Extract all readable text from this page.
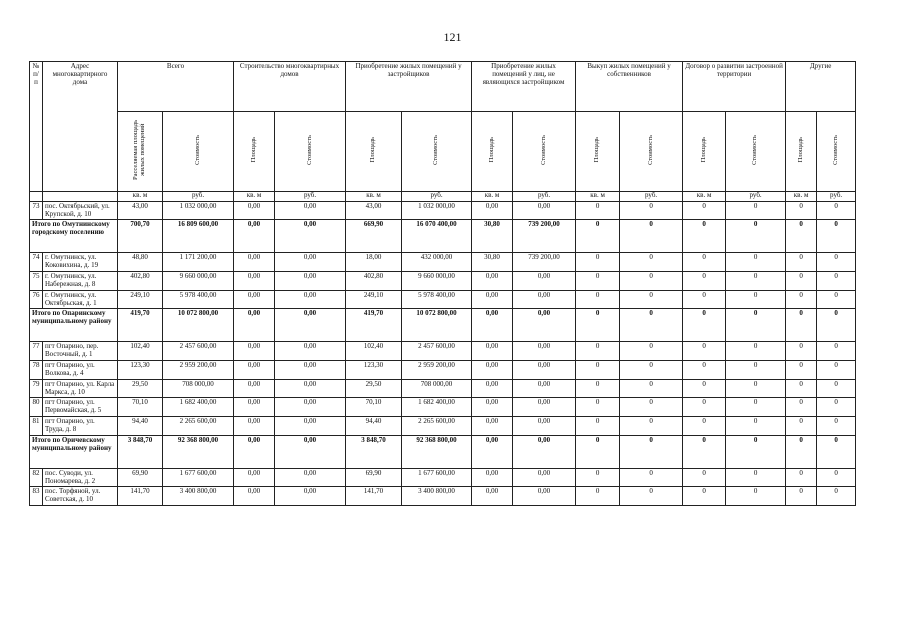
121
№ п/п	Адрес многоквартирного дома	Всего		Строительство многоквартирных домов		Приобретение жилых помещений у застройщиков		Приобретение жилых помещений у лиц, не являющихся застройщиком		Выкуп жилых помещений у собственников		Договор о развитии застроенной территории		Другие	
		Расселяемая площадь жилых помещений	Стоимость	Площадь	Стоимость	Площадь	Стоимость	Площадь	Стоимость	Площадь	Стоимость	Площадь	Стоимость	Площадь	Стоимость
		кв. м	руб.	кв. м	руб.	кв. м	руб.	кв. м	руб.	кв. м	руб.	кв. м	руб.	кв. м	руб.
73	пос. Октябрьский, ул. Крупской, д. 10	43,00	1 032 000,00	0,00	0,00	43,00	1 032 000,00	0,00	0,00	0	0	0	0	0	0
Итого по Омутнинскому городскому поселению		700,70	16 809 600,00	0,00	0,00	669,90	16 070 400,00	30,80	739 200,00	0	0	0	0	0	0
74	г. Омутнинск, ул. Коковихина, д. 19	48,80	1 171 200,00	0,00	0,00	18,00	432 000,00	30,80	739 200,00	0	0	0	0	0	0
75	г. Омутнинск, ул. Набережная, д. 8	402,80	9 660 000,00	0,00	0,00	402,80	9 660 000,00	0,00	0,00	0	0	0	0	0	0
76	г. Омутнинск, ул. Октябрьская, д. 1	249,10	5 978 400,00	0,00	0,00	249,10	5 978 400,00	0,00	0,00	0	0	0	0	0	0
Итого по Опаринскому муниципальному району		419,70	10 072 800,00	0,00	0,00	419,70	10 072 800,00	0,00	0,00	0	0	0	0	0	0
77	пгт Опарино, пер. Восточный, д. 1	102,40	2 457 600,00	0,00	0,00	102,40	2 457 600,00	0,00	0,00	0	0	0	0	0	0
78	пгт Опарино, ул. Волкова, д. 4	123,30	2 959 200,00	0,00	0,00	123,30	2 959 200,00	0,00	0,00	0	0	0	0	0	0
79	пгт Опарино, ул. Карла Маркса, д. 10	29,50	708 000,00	0,00	0,00	29,50	708 000,00	0,00	0,00	0	0	0	0	0	0
80	пгт Опарино, ул. Первомайская, д. 5	70,10	1 682 400,00	0,00	0,00	70,10	1 682 400,00	0,00	0,00	0	0	0	0	0	0
81	пгт Опарино, ул. Труда, д. 8	94,40	2 265 600,00	0,00	0,00	94,40	2 265 600,00	0,00	0,00	0	0	0	0	0	0
Итого по Оричевскому муниципальному району		3 848,70	92 368 800,00	0,00	0,00	3 848,70	92 368 800,00	0,00	0,00	0	0	0	0	0	0
82	пос. Суводи, ул. Пономарева, д. 2	69,90	1 677 600,00	0,00	0,00	69,90	1 677 600,00	0,00	0,00	0	0	0	0	0	0
83	пос. Торфяной, ул. Советская, д. 10	141,70	3 400 800,00	0,00	0,00	141,70	3 400 800,00	0,00	0,00	0	0	0	0	0	0
